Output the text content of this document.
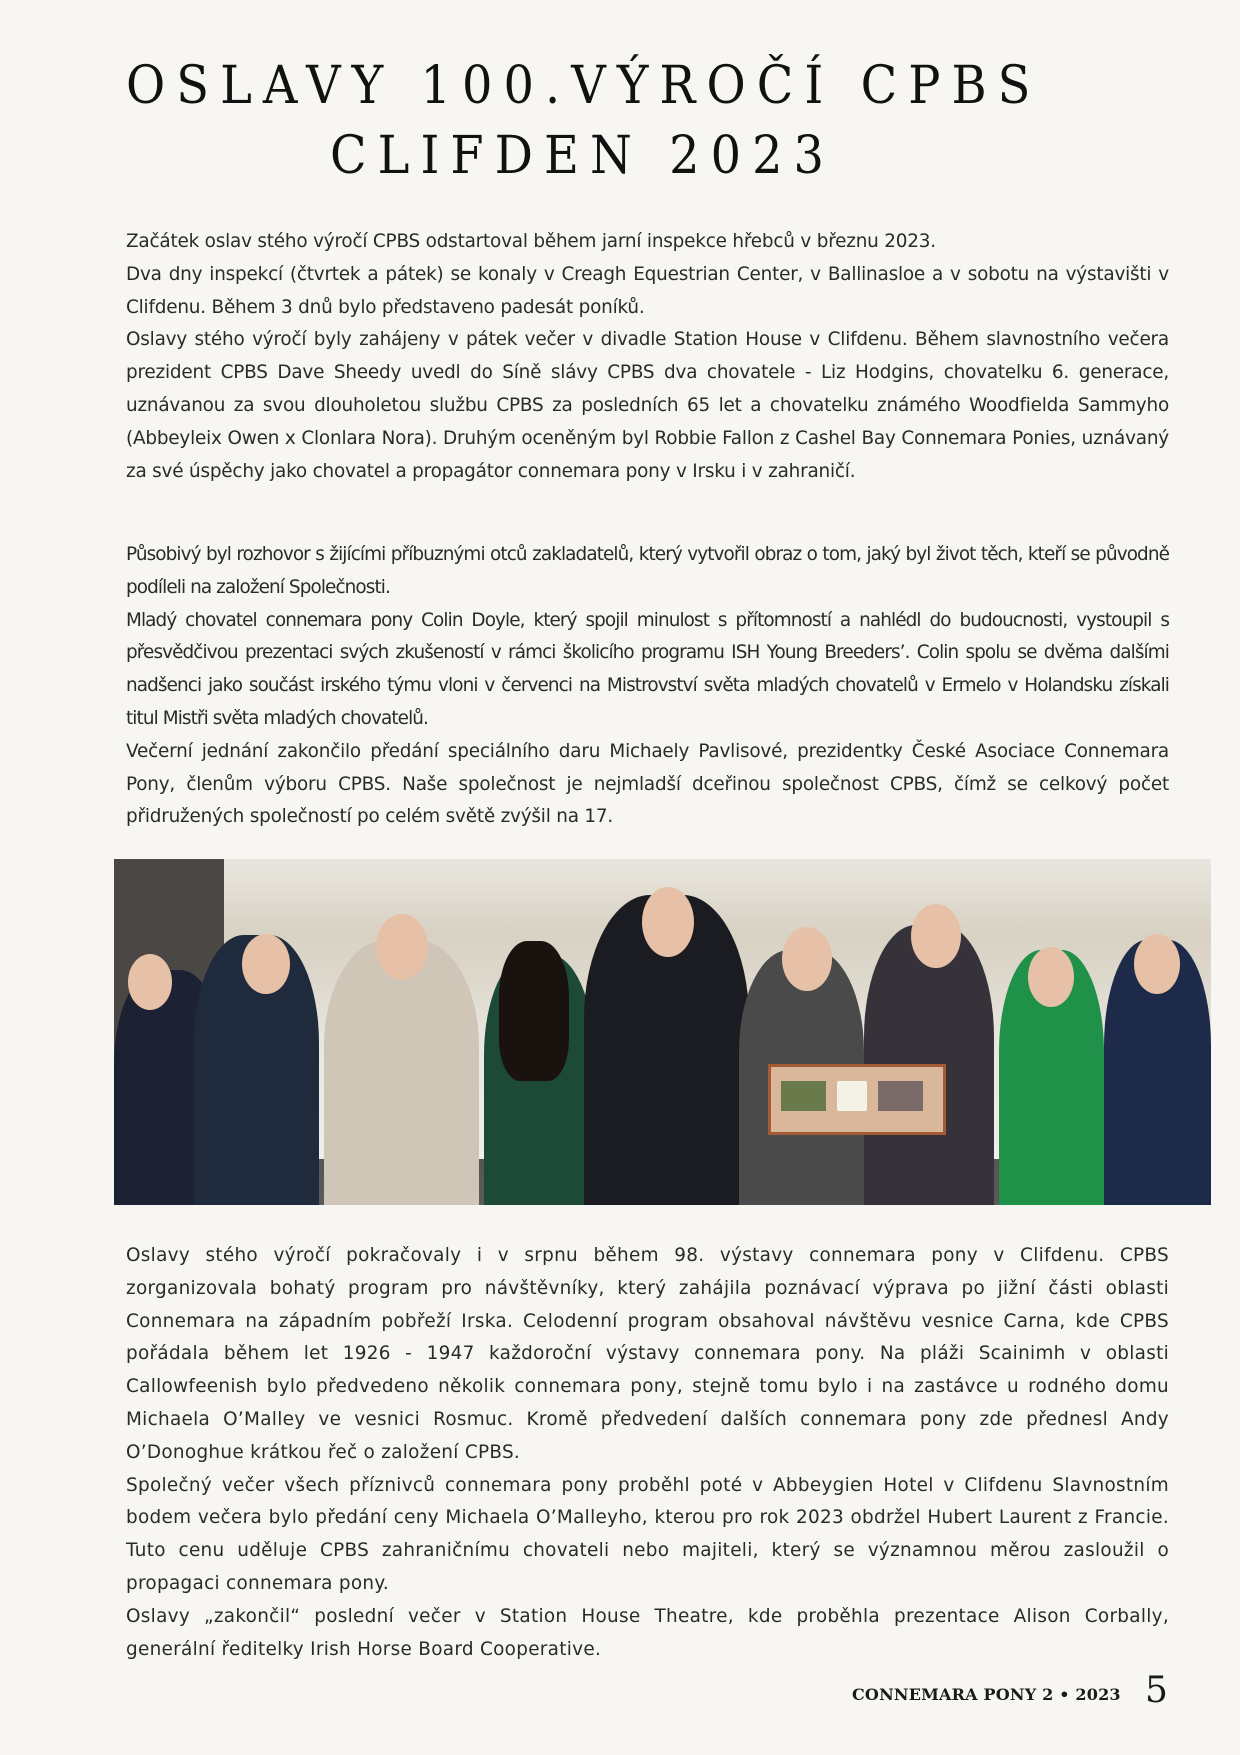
OSLAVY 100.VÝROČÍ CPBS
CLIFDEN 2023

Začátek oslav stého výročí CPBS odstartoval během jarní inspekce hřebců v březnu 2023.

Dva dny inspekcí (čtvrtek a pátek) se konaly v Creagh Equestrian Center, v Ballinasloe a v sobotu na výstavišti v Clifdenu. Během 3 dnů bylo představeno padesát poníků.

Oslavy stého výročí byly zahájeny v pátek večer v divadle Station House v Clifdenu. Během slavnostního večera prezident CPBS Dave Sheedy uvedl do Síně slávy CPBS dva chovatele - Liz Hodgins, chovatelku 6. generace, uznávanou za svou dlouholetou službu CPBS za posledních 65 let a chovatelku známého Woodfielda Sammyho (Abbeyleix Owen x Clonlara Nora). Druhým oceněným byl Robbie Fallon z Cashel Bay Connemara Ponies, uznávaný za své úspěchy jako chovatel a propagátor connemara pony v Irsku i v zahraničí.

Působivý byl rozhovor s žijícími příbuznými otců zakladatelů, který vytvořil obraz o tom, jaký byl život těch, kteří se původně podíleli na založení Společnosti.

Mladý chovatel connemara pony Colin Doyle, který spojil minulost s přítomností a nahlédl do budoucnosti, vystoupil s přesvědčivou prezentaci svých zkušeností v rámci školicího programu ISH Young Breeders’. Colin spolu se dvěma dalšími nadšenci jako součást irského týmu vloni v červenci na Mistrovství světa mladých chovatelů v Ermelo v Holandsku získali titul Mistři světa mladých chovatelů.

Večerní jednání zakončilo předání speciálního daru Michaely Pavlisové, prezidentky České Asociace Connemara Pony, členům výboru CPBS. Naše společnost je nejmladší dceřinou společnost CPBS, čímž se celkový počet přidružených společností po celém světě zvýšil na 17.

Oslavy stého výročí pokračovaly i v srpnu během 98. výstavy connemara pony v Clifdenu. CPBS zorganizovala bohatý program pro návštěvníky, který zahájila poznávací výprava po jižní části oblasti Connemara na západním pobřeží Irska. Celodenní program obsahoval návštěvu vesnice Carna, kde CPBS pořádala během let 1926 - 1947 každoroční výstavy connemara pony. Na pláži Scainimh v oblasti Callowfeenish bylo předvedeno několik connemara pony, stejně tomu bylo i na zastávce u rodného domu Michaela O’Malley ve vesnici Rosmuc. Kromě předvedení dalších connemara pony zde přednesl Andy O’Donoghue krátkou řeč o založení CPBS.

Společný večer všech příznivců connemara pony proběhl poté v Abbeygien Hotel v Clifdenu Slavnostním bodem večera bylo předání ceny Michaela O’Malleyho, kterou pro rok 2023 obdržel Hubert Laurent z Francie. Tuto cenu uděluje CPBS zahraničnímu chovateli nebo majiteli, který se významnou měrou zasloužil o propagaci connemara pony.

Oslavy „zakončil“ poslední večer v Station House Theatre, kde proběhla prezentace Alison Corbally, generální ředitelky Irish Horse Board Cooperative.

CONNEMARA PONY 2 • 2023 5
